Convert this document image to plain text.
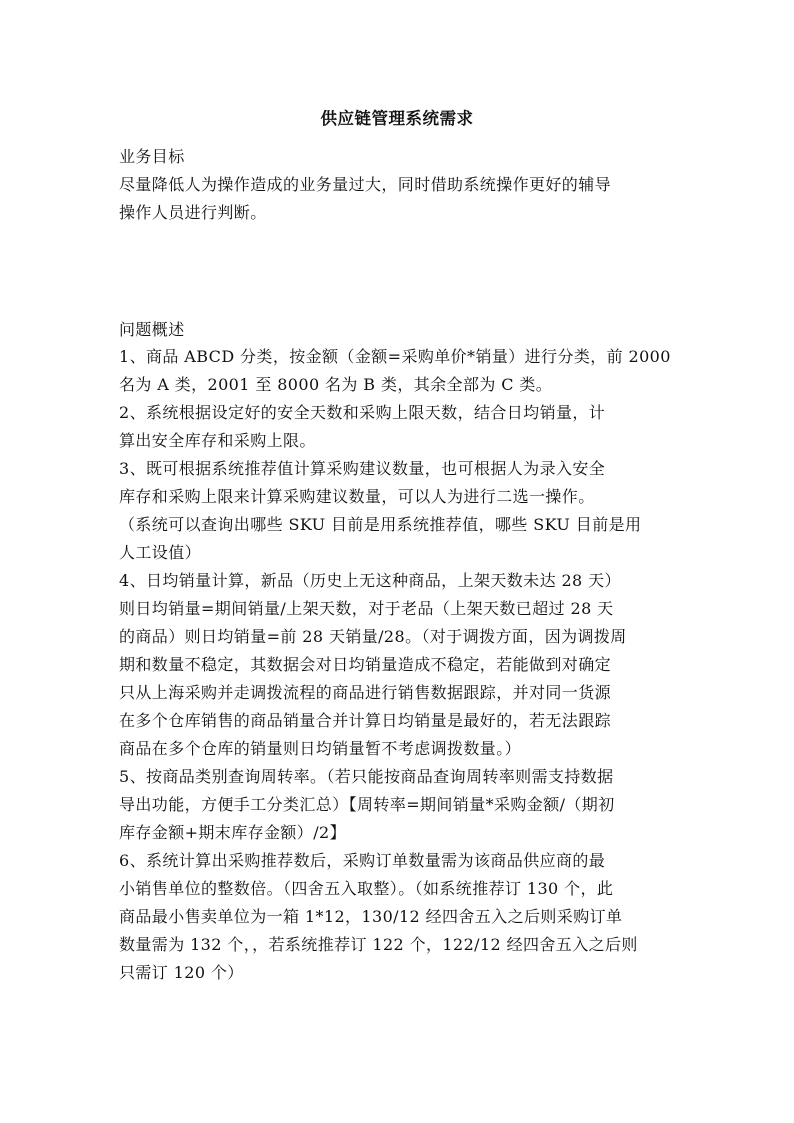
供应链管理系统需求
业务目标
尽量降低人为操作造成的业务量过大，同时借助系统操作更好的辅导
操作人员进行判断。
问题概述
1、商品 ABCD 分类，按金额（金额=采购单价*销量）进行分类，前 2000
名为 A 类，2001 至 8000 名为 B 类，其余全部为 C 类。
2、系统根据设定好的安全天数和采购上限天数，结合日均销量，计
算出安全库存和采购上限。
3、既可根据系统推荐值计算采购建议数量，也可根据人为录入安全
库存和采购上限来计算采购建议数量，可以人为进行二选一操作。
（系统可以查询出哪些 SKU 目前是用系统推荐值，哪些 SKU 目前是用
人工设值）
4、日均销量计算，新品（历史上无这种商品，上架天数未达 28 天）
则日均销量=期间销量/上架天数，对于老品（上架天数已超过 28 天
的商品）则日均销量=前 28 天销量/28。（对于调拨方面，因为调拨周
期和数量不稳定，其数据会对日均销量造成不稳定，若能做到对确定
只从上海采购并走调拨流程的商品进行销售数据跟踪，并对同一货源
在多个仓库销售的商品销量合并计算日均销量是最好的，若无法跟踪
商品在多个仓库的销量则日均销量暂不考虑调拨数量。）
5、按商品类别查询周转率。（若只能按商品查询周转率则需支持数据
导出功能，方便手工分类汇总）【周转率=期间销量*采购金额/（期初
库存金额+期末库存金额）/2】
6、系统计算出采购推荐数后，采购订单数量需为该商品供应商的最
小销售单位的整数倍。（四舍五入取整）。（如系统推荐订 130 个，此
商品最小售卖单位为一箱 1*12，130/12 经四舍五入之后则采购订单
数量需为 132 个，，若系统推荐订 122 个，122/12 经四舍五入之后则
只需订 120 个）
